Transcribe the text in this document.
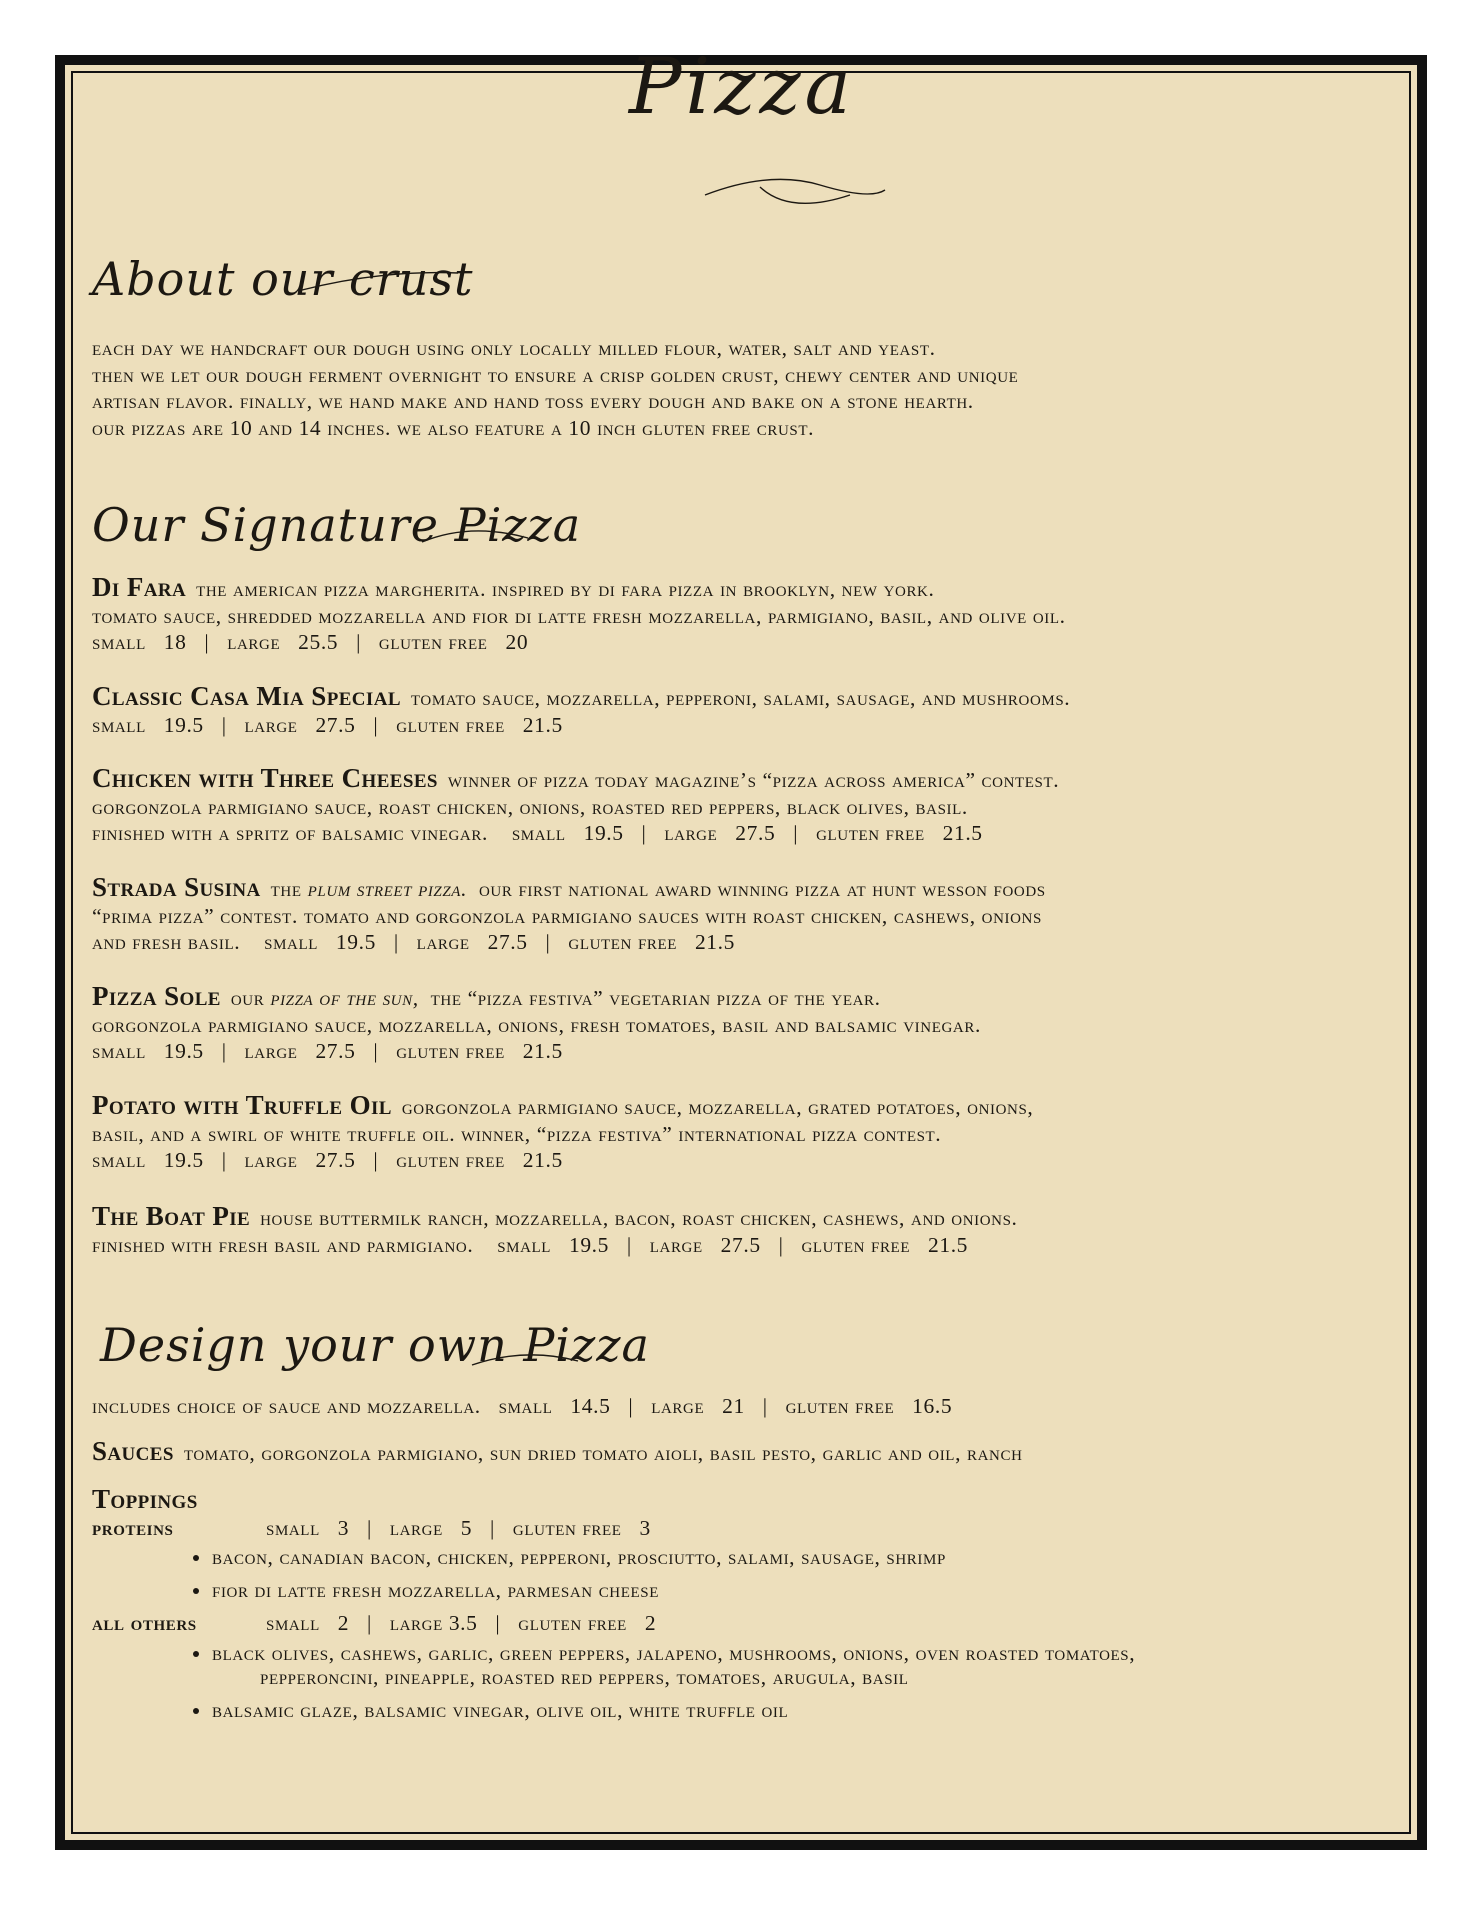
Pizza
About our crust

each day we handcraft our dough using only locally milled flour, water, salt and yeast.

then we let our dough ferment overnight to ensure a crisp golden crust, chewy center and unique

artisan flavor. finally, we hand make and hand toss every dough and bake on a stone hearth.

our pizzas are 10 and 14 inches. we also feature a 10 inch gluten free crust.

Our Signature Pizza

Di Fara the american pizza margherita. inspired by di fara pizza in brooklyn, new york.

tomato sauce, shredded mozzarella and fior di latte fresh mozzarella, parmigiano, basil, and olive oil.

small   18   |   large   25.5   |   gluten free   20

Classic Casa Mia Special tomato sauce, mozzarella, pepperoni, salami, sausage, and mushrooms.

small   19.5   |   large   27.5   |   gluten free   21.5

Chicken with Three Cheeses winner of pizza today magazine’s “pizza across america” contest.

gorgonzola parmigiano sauce, roast chicken, onions, roasted red peppers, black olives, basil.

finished with a spritz of balsamic vinegar.    small   19.5   |   large   27.5   |   gluten free   21.5

Strada Susina the plum street pizza.  our first national award winning pizza at hunt wesson foods

“prima pizza” contest. tomato and gorgonzola parmigiano sauces with roast chicken, cashews, onions

and fresh basil.    small   19.5   |   large   27.5   |   gluten free   21.5

Pizza Sole our pizza of the sun,  the “pizza festiva” vegetarian pizza of the year.

gorgonzola parmigiano sauce, mozzarella, onions, fresh tomatoes, basil and balsamic vinegar.

small   19.5   |   large   27.5   |   gluten free   21.5

Potato with Truffle Oil gorgonzola parmigiano sauce, mozzarella, grated potatoes, onions,

basil, and a swirl of white truffle oil. winner, “pizza festiva” international pizza contest.

small   19.5   |   large   27.5   |   gluten free   21.5

The Boat Pie house buttermilk ranch, mozzarella, bacon, roast chicken, cashews, and onions.

finished with fresh basil and parmigiano.    small   19.5   |   large   27.5   |   gluten free   21.5

Design your own Pizza

includes choice of sauce and mozzarella.   small   14.5   |   large   21   |   gluten free   16.5

Sauces tomato, gorgonzola parmigiano, sun dried tomato aioli, basil pesto, garlic and oil, ranch

Toppings

proteins	small   3   |   large   5   |   gluten free   3

• bacon, canadian bacon, chicken, pepperoni, prosciutto, salami, sausage, shrimp
• fior di latte fresh mozzarella, parmesan cheese

all others	small   2   |   large 3.5   |   gluten free   2

• black olives, cashews, garlic, green peppers, jalapeno, mushrooms, onions, oven roasted tomatoes,
pepperoncini, pineapple, roasted red peppers, tomatoes, arugula, basil
• balsamic glaze, balsamic vinegar, olive oil, white truffle oil
